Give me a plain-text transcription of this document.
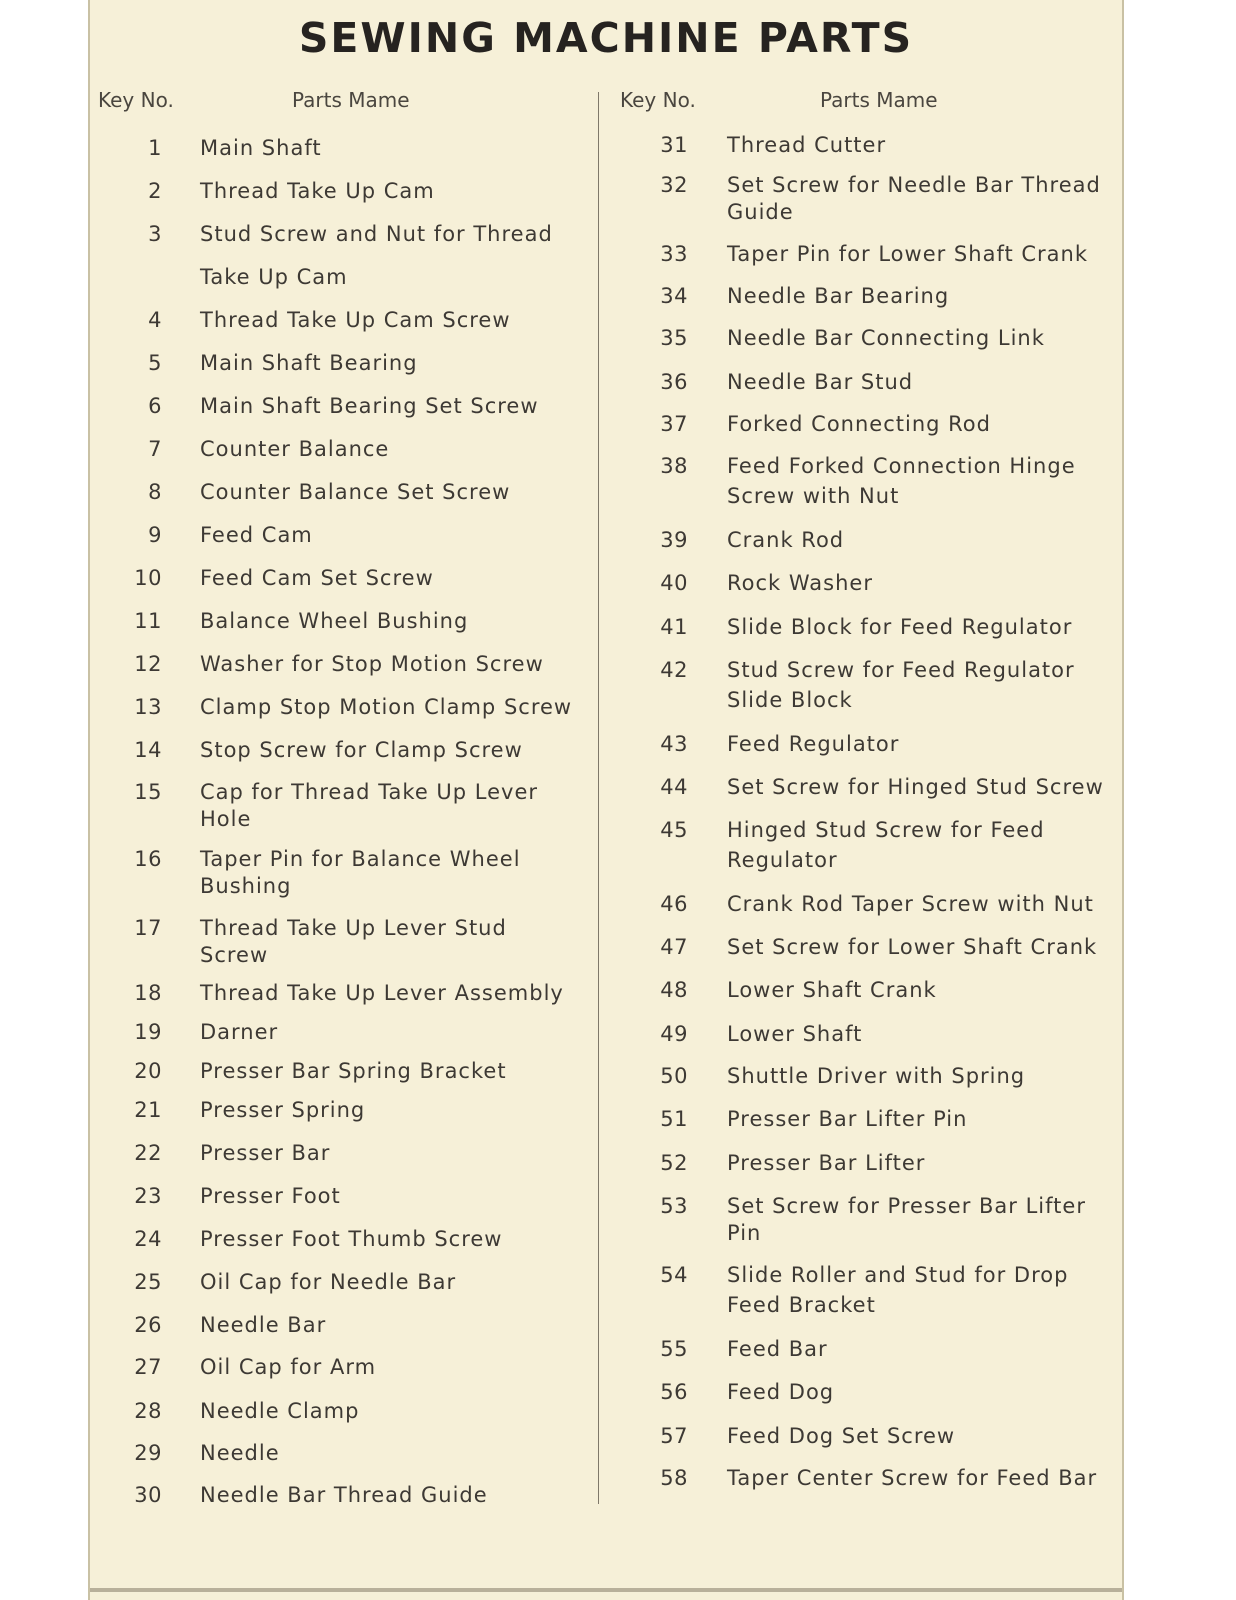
SEWING MACHINE PARTS
Key No.	Parts Mame
1 Main Shaft
2 Thread Take Up Cam
3 Stud Screw and Nut for Thread
Take Up Cam
4 Thread Take Up Cam Screw
5 Main Shaft Bearing
6 Main Shaft Bearing Set Screw
7 Counter Balance
8 Counter Balance Set Screw
9 Feed Cam
10 Feed Cam Set Screw
11 Balance Wheel Bushing
12 Washer for Stop Motion Screw
13 Clamp Stop Motion Clamp Screw
14 Stop Screw for Clamp Screw
15 Cap for Thread Take Up Lever
Hole
16 Taper Pin for Balance Wheel
Bushing
17 Thread Take Up Lever Stud
Screw
18 Thread Take Up Lever Assembly
19 Darner
20 Presser Bar Spring Bracket
21 Presser Spring
22 Presser Bar
23 Presser Foot
24 Presser Foot Thumb Screw
25 Oil Cap for Needle Bar
26 Needle Bar
27 Oil Cap for Arm
28 Needle Clamp
29 Needle
30 Needle Bar Thread Guide
Key No.	Parts Mame
31 Thread Cutter
32 Set Screw for Needle Bar Thread
Guide
33 Taper Pin for Lower Shaft Crank
34 Needle Bar Bearing
35 Needle Bar Connecting Link
36 Needle Bar Stud
37 Forked Connecting Rod
38 Feed Forked Connection Hinge
Screw with Nut
39 Crank Rod
40 Rock Washer
41 Slide Block for Feed Regulator
42 Stud Screw for Feed Regulator
Slide Block
43 Feed Regulator
44 Set Screw for Hinged Stud Screw
45 Hinged Stud Screw for Feed
Regulator
46 Crank Rod Taper Screw with Nut
47 Set Screw for Lower Shaft Crank
48 Lower Shaft Crank
49 Lower Shaft
50 Shuttle Driver with Spring
51 Presser Bar Lifter Pin
52 Presser Bar Lifter
53 Set Screw for Presser Bar Lifter
Pin
54 Slide Roller and Stud for Drop
Feed Bracket
55 Feed Bar
56 Feed Dog
57 Feed Dog Set Screw
58 Taper Center Screw for Feed Bar
